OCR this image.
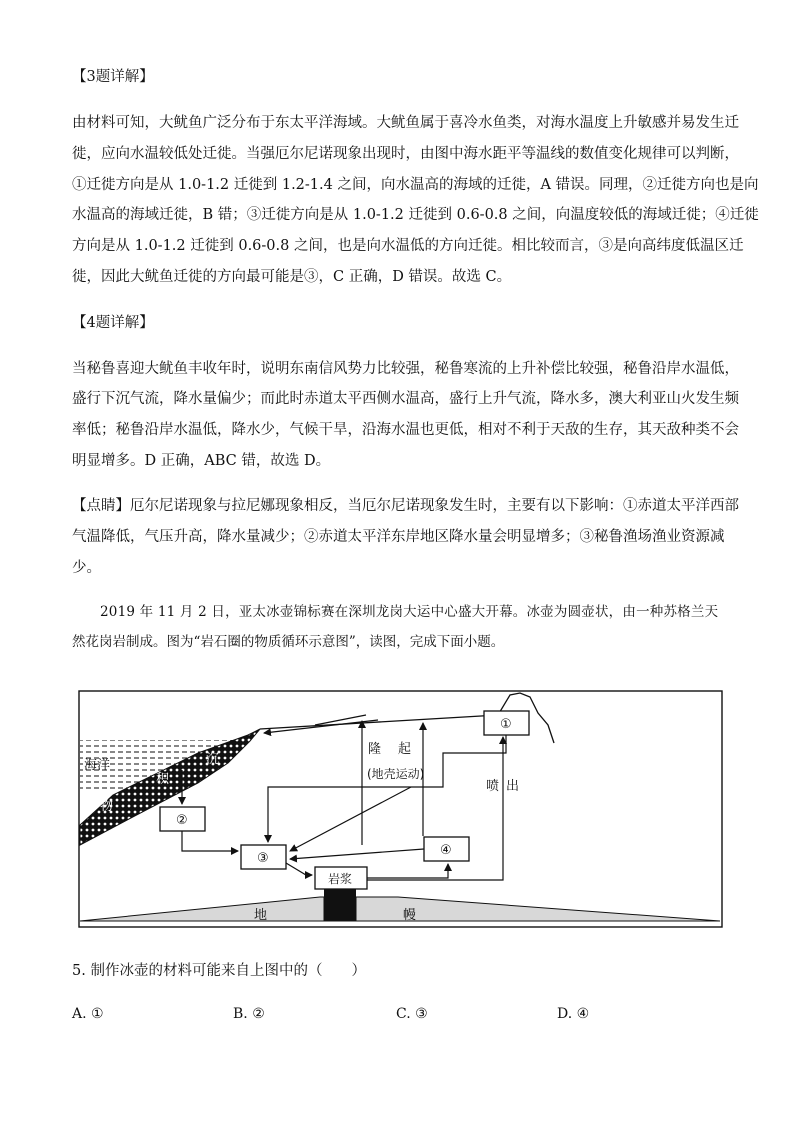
【3题详解】
由材料可知，大鱿鱼广泛分布于东太平洋海域。大鱿鱼属于喜冷水鱼类，对海水温度上升敏感并易发生迁
徙，应向水温较低处迁徙。当强厄尔尼诺现象出现时，由图中海水距平等温线的数值变化规律可以判断，
①迁徙方向是从 1.0-1.2 迁徙到 1.2-1.4 之间，向水温高的海域的迁徙，A 错误。同理，②迁徙方向也是向
水温高的海域迁徙，B 错；③迁徙方向是从 1.0-1.2 迁徙到 0.6-0.8 之间，向温度较低的海域迁徙；④迁徙
方向是从 1.0-1.2 迁徙到 0.6-0.8 之间，也是向水温低的方向迁徙。相比较而言，③是向高纬度低温区迁
徙，因此大鱿鱼迁徙的方向最可能是③，C 正确，D 错误。故选 C。
【4题详解】
当秘鲁喜迎大鱿鱼丰收年时，说明东南信风势力比较强，秘鲁寒流的上升补偿比较强，秘鲁沿岸水温低，
盛行下沉气流，降水量偏少；而此时赤道太平西侧水温高，盛行上升气流，降水多，澳大利亚山火发生频
率低；秘鲁沿岸水温低，降水少，气候干旱，沿海水温也更低，相对不利于天敌的生存，其天敌种类不会
明显增多。D 正确，ABC 错，故选 D。
【点睛】厄尔尼诺现象与拉尼娜现象相反，当厄尔尼诺现象发生时，主要有以下影响：①赤道太平洋西部
气温降低，气压升高，降水量减少；②赤道太平洋东岸地区降水量会明显增多；③秘鲁渔场渔业资源减
少。
2019 年 11 月 2 日，亚太冰壶锦标赛在深圳龙岗大运中心盛大开幕。冰壶为圆壶状，由一种苏格兰天
然花岗岩制成。图为“岩石圈的物质循环示意图”，读图，完成下面小题。
海洋	沉
积
物
①
②
③
④
岩浆
隆 起
(地壳运动)
喷 出
地	幔
5. 制作冰壶的材料可能来自上图中的（　　）
A. ①	B. ②	C. ③	D. ④
